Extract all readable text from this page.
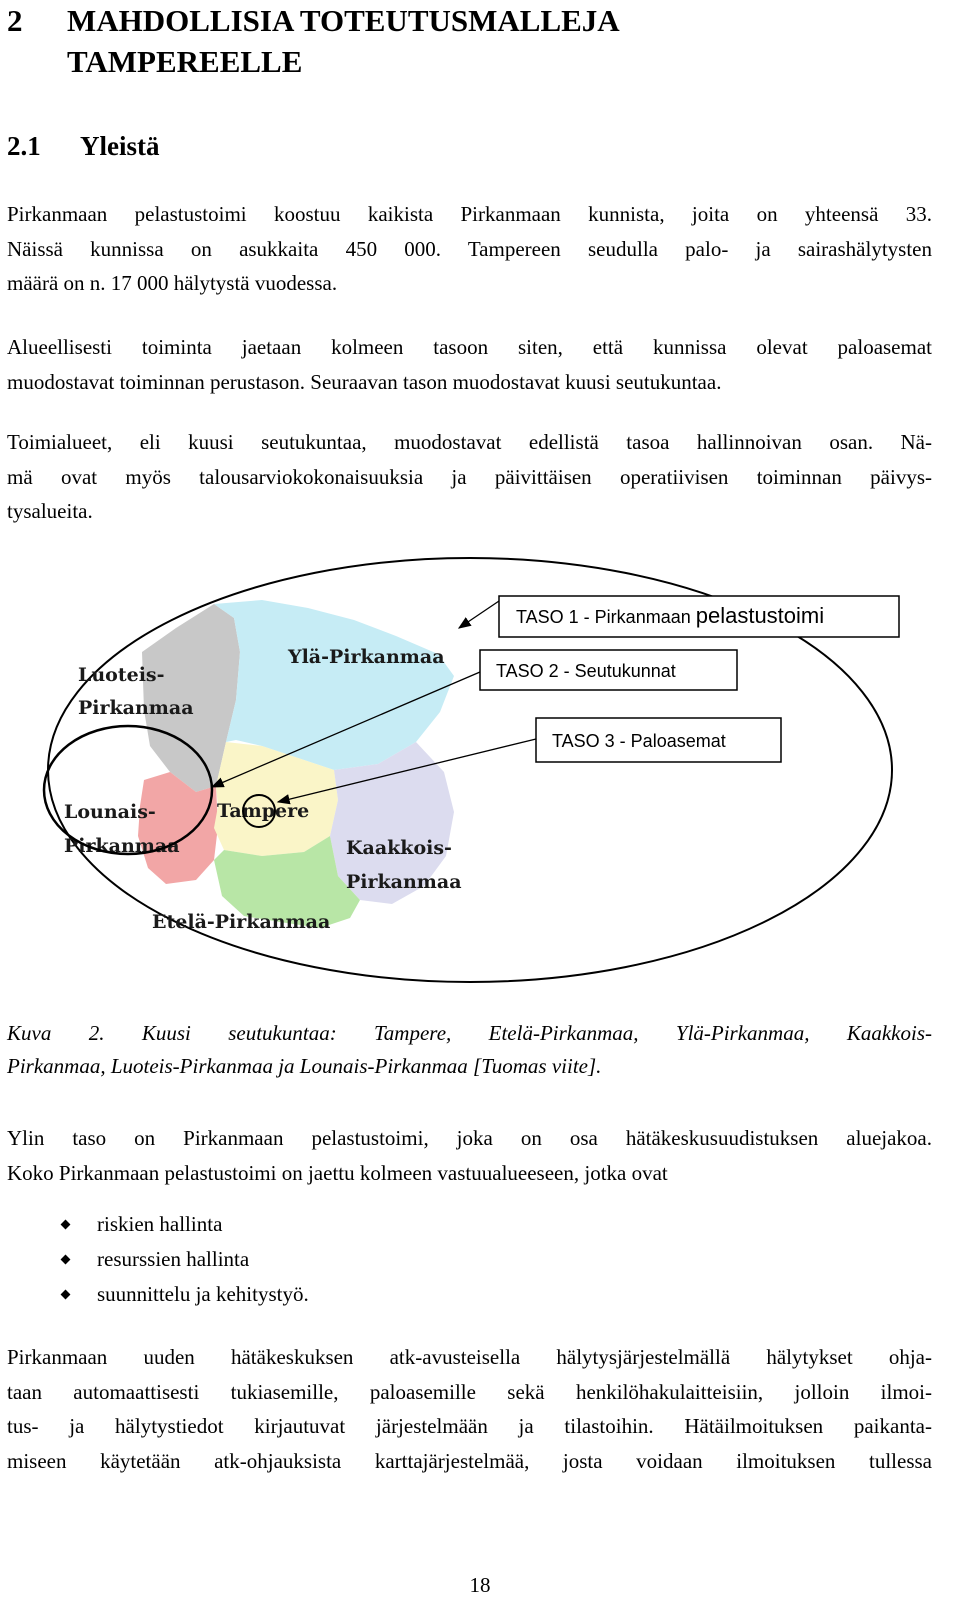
2 MAHDOLLISIA TOTEUTUSMALLEJA
TAMPEREELLE
2.1 Yleistä

Pirkanmaan pelastustoimi koostuu kaikista Pirkanmaan kunnista, joita on yhteensä 33.
Näissä kunnissa on asukkaita 450 000. Tampereen seudulla palo- ja sairashälytysten
määrä on n. 17 000 hälytystä vuodessa.

Alueellisesti toiminta jaetaan kolmeen tasoon siten, että kunnissa olevat paloasemat
muodostavat toiminnan perustason. Seuraavan tason muodostavat kuusi seutukuntaa.

Toimialueet, eli kuusi seutukuntaa, muodostavat edellistä tasoa hallinnoivan osan. Nä-
mä ovat myös talousarviokokonaisuuksia ja päivittäisen operatiivisen toiminnan päivys-
tysalueita.

Luoteis-
Pirkanmaa
Ylä-Pirkanmaa
Lounais-
Pirkanmaa
Tampere
Kaakkois-
Pirkanmaa
Etelä-Pirkanmaa
TASO 1 - Pirkanmaan pelastustoimi
TASO 2 - Seutukunnat
TASO 3 - Paloasemat

Kuva 2. Kuusi seutukuntaa: Tampere, Etelä-Pirkanmaa, Ylä-Pirkanmaa, Kaakkois-
Pirkanmaa, Luoteis-Pirkanmaa ja Lounais-Pirkanmaa [Tuomas viite].

Ylin taso on Pirkanmaan pelastustoimi, joka on osa hätäkeskusuudistuksen aluejakoa.
Koko Pirkanmaan pelastustoimi on jaettu kolmeen vastuualueeseen, jotka ovat

riskien hallinta
resurssien hallinta
suunnittelu ja kehitystyö.

Pirkanmaan uuden hätäkeskuksen atk-avusteisella hälytysjärjestelmällä hälytykset ohja-
taan automaattisesti tukiasemille, paloasemille sekä henkilöhakulaitteisiin, jolloin ilmoi-
tus- ja hälytystiedot kirjautuvat järjestelmään ja tilastoihin. Hätäilmoituksen paikanta-
miseen käytetään atk-ohjauksista karttajärjestelmää, josta voidaan ilmoituksen tullessa

18
